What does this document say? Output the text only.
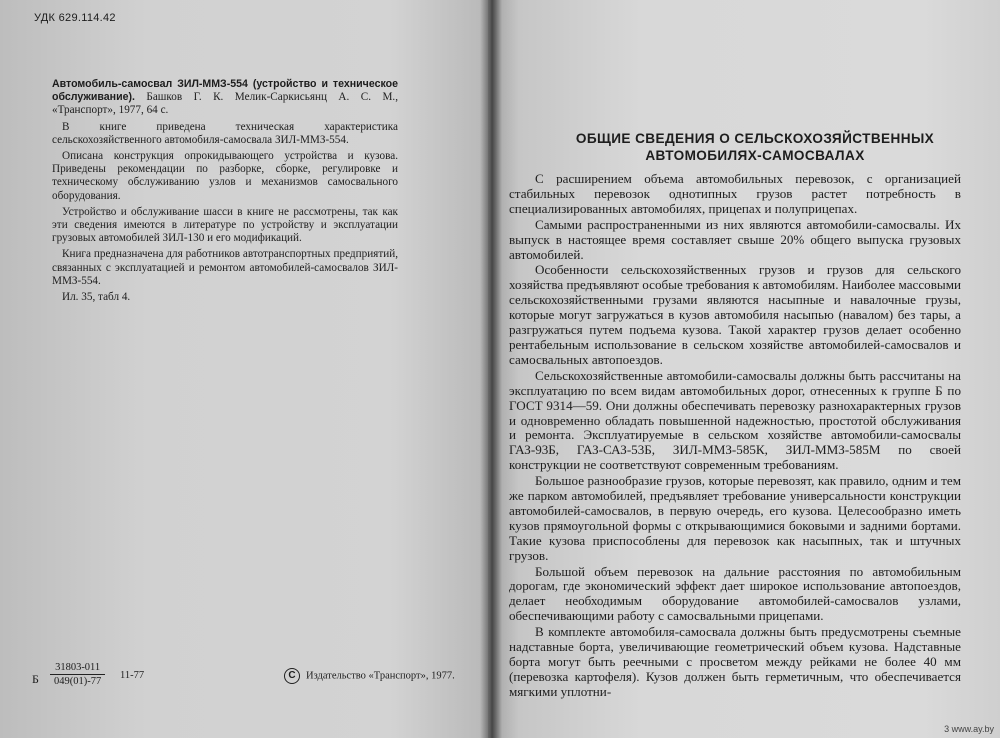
УДК 629.114.42

Автомобиль-самосвал ЗИЛ-ММЗ-554 (устройство и техническое обслуживание). Башков Г. К. Мелик-Саркисьянц А. С. М., «Транспорт», 1977, 64 с.

В книге приведена техническая характеристика сельскохозяйственного автомобиля-самосвала ЗИЛ-ММЗ-554.

Описана конструкция опрокидывающего устройства и кузова. Приведены рекомендации по разборке, сборке, регулировке и техническому обслуживанию узлов и механизмов самосвального оборудования.

Устройство и обслуживание шасси в книге не рассмотрены, так как эти сведения имеются в литературе по устройству и эксплуатации грузовых автомобилей ЗИЛ-130 и его модификаций.

Книга предназначена для работников автотранспортных предприятий, связанных с эксплуатацией и ремонтом автомобилей-самосвалов ЗИЛ-ММЗ-554.

Ил. 35, табл 4.

Б $\frac{31803-011}{049(01)-77} 11-77$	С Издательство «Транспорт», 1977.
ОБЩИЕ СВЕДЕНИЯ О СЕЛЬСКОХОЗЯЙСТВЕННЫХ
АВТОМОБИЛЯХ-САМОСВАЛАХ

С расширением объема автомобильных перевозок, с организацией стабильных перевозок однотипных грузов растет потребность в специализированных автомобилях, прицепах и полуприцепах.

Самыми распространенными из них являются автомобили-самосвалы. Их выпуск в настоящее время составляет свыше 20% общего выпуска грузовых автомобилей.

Особенности сельскохозяйственных грузов и грузов для сельского хозяйства предъявляют особые требования к автомобилям. Наиболее массовыми сельскохозяйственными грузами являются насыпные и навалочные грузы, которые могут загружаться в кузов автомобиля насыпью (навалом) без тары, а разгружаться путем подъема кузова. Такой характер грузов делает особенно рентабельным использование в сельском хозяйстве автомобилей-самосвалов и самосвальных автопоездов.

Сельскохозяйственные автомобили-самосвалы должны быть рассчитаны на эксплуатацию по всем видам автомобильных дорог, отнесенных к группе Б по ГОСТ 9314—59. Они должны обеспечивать перевозку разнохарактерных грузов и одновременно обладать повышенной надежностью, простотой обслуживания и ремонта. Эксплуатируемые в сельском хозяйстве автомобили-самосвалы ГАЗ-93Б, ГАЗ-САЗ-53Б, ЗИЛ-ММЗ-585К, ЗИЛ-ММЗ-585М по своей конструкции не соответствуют современным требованиям.

Большое разнообразие грузов, которые перевозят, как правило, одним и тем же парком автомобилей, предъявляет требование универсальности конструкции автомобилей-самосвалов, в первую очередь, его кузова. Целесообразно иметь кузов прямоугольной формы с открывающимися боковыми и задними бортами. Такие кузова приспособлены для перевозок как насыпных, так и штучных грузов.

Большой объем перевозок на дальние расстояния по автомобильным дорогам, где экономический эффект дает широкое использование автопоездов, делает необходимым оборудование автомобилей-самосвалов узлами, обеспечивающими работу с самосвальными прицепами.

В комплекте автомобиля-самосвала должны быть предусмотрены съемные надставные борта, увеличивающие геометрический объем кузова. Надставные борта могут быть реечными с просветом между рейками не более 40 мм (перевозка картофеля). Кузов должен быть герметичным, что обеспечивается мягкими уплотни-

3 www.ay.by
